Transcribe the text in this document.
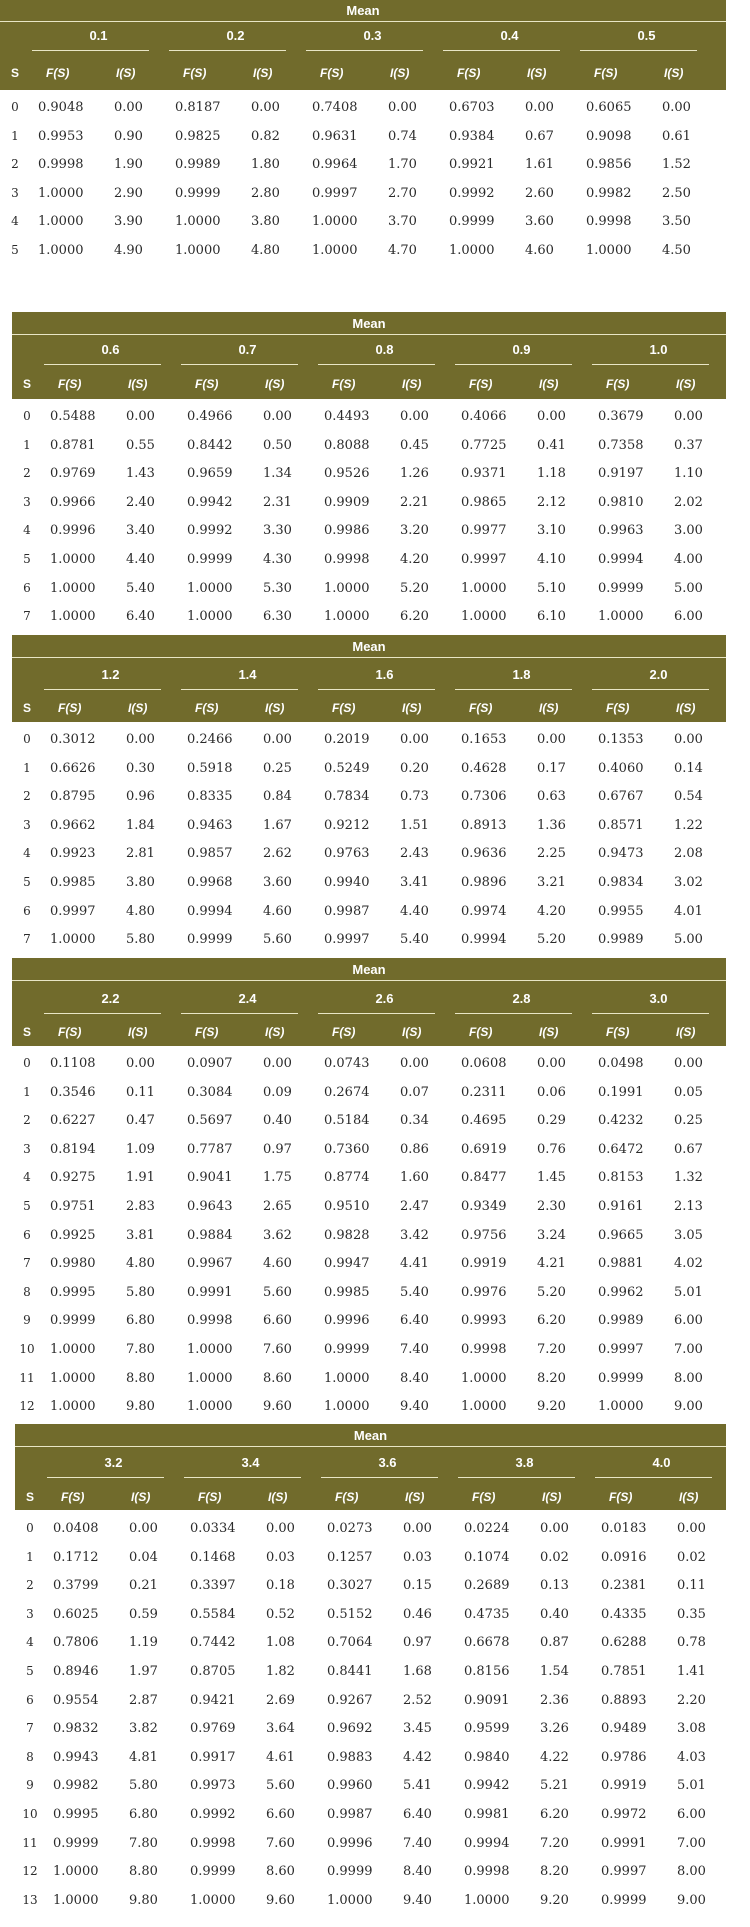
Mean
S
0.1
F(S)	I(S)
0.2
F(S)	I(S)
0.3
F(S)	I(S)
0.4
F(S)	I(S)
0.5
F(S)	I(S)
0	0.9048 0.00 0.8187 0.00 0.7408 0.00 0.6703 0.00 0.6065 0.00
1	0.9953 0.90 0.9825 0.82 0.9631 0.74 0.9384 0.67 0.9098 0.61
2	0.9998 1.90 0.9989 1.80 0.9964 1.70 0.9921 1.61 0.9856 1.52
3	1.0000 2.90 0.9999 2.80 0.9997 2.70 0.9992 2.60 0.9982 2.50
4	1.0000 3.90 1.0000 3.80 1.0000 3.70 0.9999 3.60 0.9998 3.50
5	1.0000 4.90 1.0000 4.80 1.0000 4.70 1.0000 4.60 1.0000 4.50
Mean
S
0.6
F(S)	I(S)
0.7
F(S)	I(S)
0.8
F(S)	I(S)
0.9
F(S)	I(S)
1.0
F(S)	I(S)
0	0.5488 0.00 0.4966 0.00 0.4493 0.00 0.4066 0.00 0.3679 0.00
1	0.8781 0.55 0.8442 0.50 0.8088 0.45 0.7725 0.41 0.7358 0.37
2	0.9769 1.43 0.9659 1.34 0.9526 1.26 0.9371 1.18 0.9197 1.10
3	0.9966 2.40 0.9942 2.31 0.9909 2.21 0.9865 2.12 0.9810 2.02
4	0.9996 3.40 0.9992 3.30 0.9986 3.20 0.9977 3.10 0.9963 3.00
5	1.0000 4.40 0.9999 4.30 0.9998 4.20 0.9997 4.10 0.9994 4.00
6	1.0000 5.40 1.0000 5.30 1.0000 5.20 1.0000 5.10 0.9999 5.00
7	1.0000 6.40 1.0000 6.30 1.0000 6.20 1.0000 6.10 1.0000 6.00
Mean
S
1.2
F(S)	I(S)
1.4
F(S)	I(S)
1.6
F(S)	I(S)
1.8
F(S)	I(S)
2.0
F(S)	I(S)
0	0.3012 0.00 0.2466 0.00 0.2019 0.00 0.1653 0.00 0.1353 0.00
1	0.6626 0.30 0.5918 0.25 0.5249 0.20 0.4628 0.17 0.4060 0.14
2	0.8795 0.96 0.8335 0.84 0.7834 0.73 0.7306 0.63 0.6767 0.54
3	0.9662 1.84 0.9463 1.67 0.9212 1.51 0.8913 1.36 0.8571 1.22
4	0.9923 2.81 0.9857 2.62 0.9763 2.43 0.9636 2.25 0.9473 2.08
5	0.9985 3.80 0.9968 3.60 0.9940 3.41 0.9896 3.21 0.9834 3.02
6	0.9997 4.80 0.9994 4.60 0.9987 4.40 0.9974 4.20 0.9955 4.01
7	1.0000 5.80 0.9999 5.60 0.9997 5.40 0.9994 5.20 0.9989 5.00
Mean
S
2.2
F(S)	I(S)
2.4
F(S)	I(S)
2.6
F(S)	I(S)
2.8
F(S)	I(S)
3.0
F(S)	I(S)
0	0.1108 0.00 0.0907 0.00 0.0743 0.00 0.0608 0.00 0.0498 0.00
1	0.3546 0.11 0.3084 0.09 0.2674 0.07 0.2311 0.06 0.1991 0.05
2	0.6227 0.47 0.5697 0.40 0.5184 0.34 0.4695 0.29 0.4232 0.25
3	0.8194 1.09 0.7787 0.97 0.7360 0.86 0.6919 0.76 0.6472 0.67
4	0.9275 1.91 0.9041 1.75 0.8774 1.60 0.8477 1.45 0.8153 1.32
5	0.9751 2.83 0.9643 2.65 0.9510 2.47 0.9349 2.30 0.9161 2.13
6	0.9925 3.81 0.9884 3.62 0.9828 3.42 0.9756 3.24 0.9665 3.05
7	0.9980 4.80 0.9967 4.60 0.9947 4.41 0.9919 4.21 0.9881 4.02
8	0.9995 5.80 0.9991 5.60 0.9985 5.40 0.9976 5.20 0.9962 5.01
9	0.9999 6.80 0.9998 6.60 0.9996 6.40 0.9993 6.20 0.9989 6.00
10	1.0000 7.80 1.0000 7.60 0.9999 7.40 0.9998 7.20 0.9997 7.00
11	1.0000 8.80 1.0000 8.60 1.0000 8.40 1.0000 8.20 0.9999 8.00
12	1.0000 9.80 1.0000 9.60 1.0000 9.40 1.0000 9.20 1.0000 9.00
Mean
S
3.2
F(S)	I(S)
3.4
F(S)	I(S)
3.6
F(S)	I(S)
3.8
F(S)	I(S)
4.0
F(S)	I(S)
0	0.0408 0.00 0.0334 0.00 0.0273 0.00 0.0224 0.00 0.0183 0.00
1	0.1712 0.04 0.1468 0.03 0.1257 0.03 0.1074 0.02 0.0916 0.02
2	0.3799 0.21 0.3397 0.18 0.3027 0.15 0.2689 0.13 0.2381 0.11
3	0.6025 0.59 0.5584 0.52 0.5152 0.46 0.4735 0.40 0.4335 0.35
4	0.7806 1.19 0.7442 1.08 0.7064 0.97 0.6678 0.87 0.6288 0.78
5	0.8946 1.97 0.8705 1.82 0.8441 1.68 0.8156 1.54 0.7851 1.41
6	0.9554 2.87 0.9421 2.69 0.9267 2.52 0.9091 2.36 0.8893 2.20
7	0.9832 3.82 0.9769 3.64 0.9692 3.45 0.9599 3.26 0.9489 3.08
8	0.9943 4.81 0.9917 4.61 0.9883 4.42 0.9840 4.22 0.9786 4.03
9	0.9982 5.80 0.9973 5.60 0.9960 5.41 0.9942 5.21 0.9919 5.01
10	0.9995 6.80 0.9992 6.60 0.9987 6.40 0.9981 6.20 0.9972 6.00
11	0.9999 7.80 0.9998 7.60 0.9996 7.40 0.9994 7.20 0.9991 7.00
12	1.0000 8.80 0.9999 8.60 0.9999 8.40 0.9998 8.20 0.9997 8.00
13	1.0000 9.80 1.0000 9.60 1.0000 9.40 1.0000 9.20 0.9999 9.00
